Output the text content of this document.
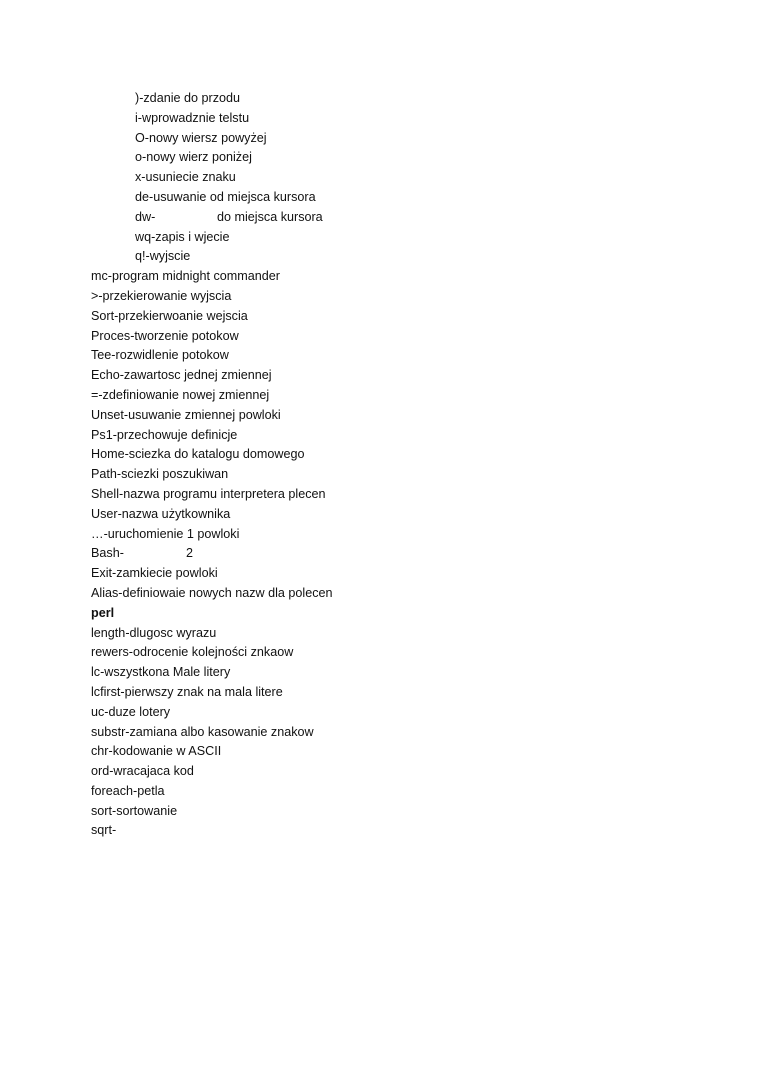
)-zdanie do przodu
i-wprowadznie telstu
O-nowy wiersz powyżej
o-nowy wierz poniżej
x-usuniecie znaku
de-usuwanie od miejsca kursora
dw-	do miejsca kursora
wq-zapis i wjecie
q!-wyjscie
mc-program midnight commander
>-przekierowanie wyjscia
Sort-przekierwoanie wejscia
Proces-tworzenie potokow
Tee-rozwidlenie potokow
Echo-zawartosc jednej zmiennej
=-zdefiniowanie nowej zmiennej
Unset-usuwanie zmiennej powloki
Ps1-przechowuje definicje
Home-sciezka do katalogu domowego
Path-sciezki poszukiwan
Shell-nazwa programu interpretera plecen
User-nazwa użytkownika
…-uruchomienie 1 powloki
Bash-	2
Exit-zamkiecie powloki
Alias-definiowaie nowych nazw dla polecen
perl
length-dlugosc wyrazu
rewers-odrocenie kolejności znkaow
lc-wszystkona Male litery
lcfirst-pierwszy znak na mala litere
uc-duze lotery
substr-zamiana albo kasowanie znakow
chr-kodowanie w ASCII
ord-wracajaca kod
foreach-petla
sort-sortowanie
sqrt-
